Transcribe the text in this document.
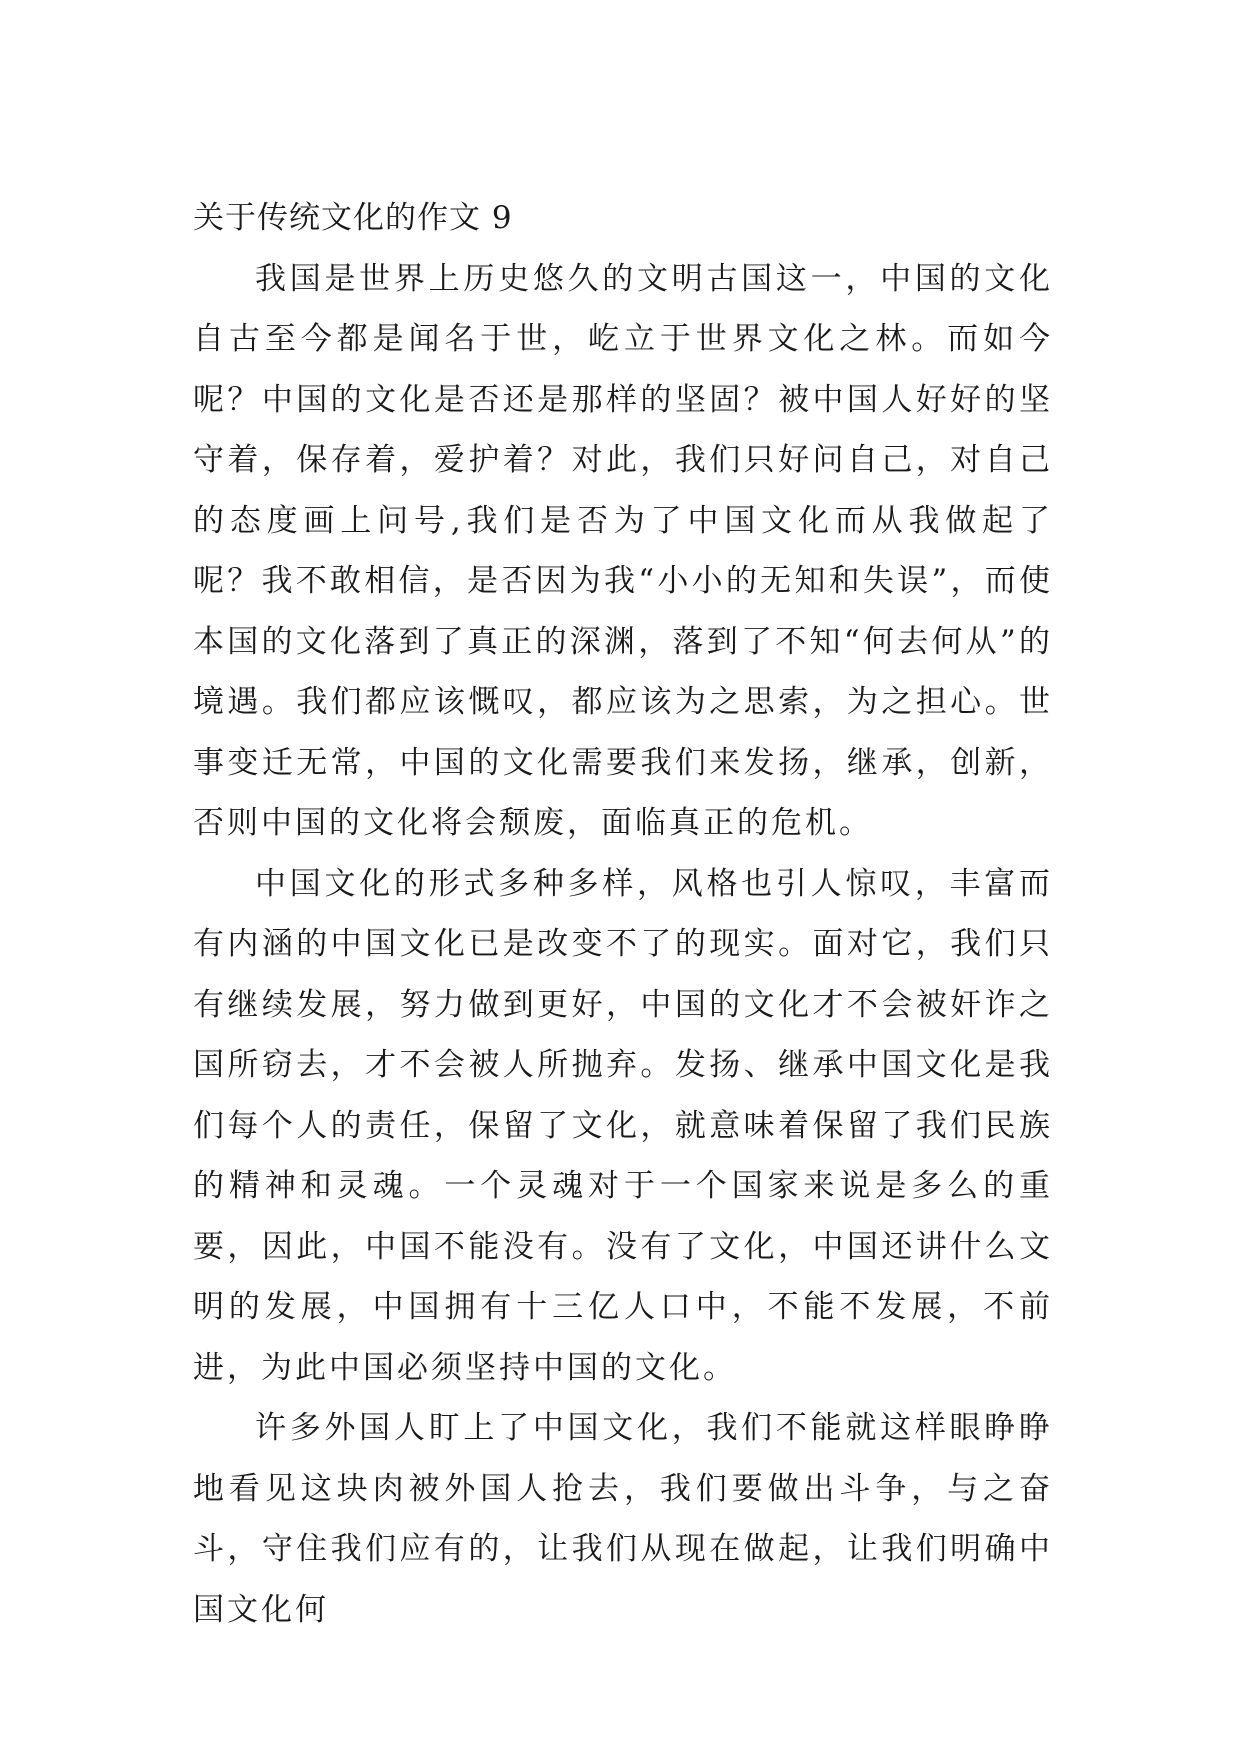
关于传统文化的作文 9

我国是世界上历史悠久的文明古国这一，中国的文化自古至今都是闻名于世，屹立于世界文化之林。而如今呢？中国的文化是否还是那样的坚固？被中国人好好的坚守着，保存着，爱护着？对此，我们只好问自己，对自己的态度画上问号,我们是否为了中国文化而从我做起了呢？我不敢相信，是否因为我“小小的无知和失误”，而使本国的文化落到了真正的深渊，落到了不知“何去何从”的境遇。我们都应该慨叹，都应该为之思索，为之担心。世事变迁无常，中国的文化需要我们来发扬，继承，创新，否则中国的文化将会颓废，面临真正的危机。

中国文化的形式多种多样，风格也引人惊叹，丰富而有内涵的中国文化已是改变不了的现实。面对它，我们只有继续发展，努力做到更好，中国的文化才不会被奸诈之国所窃去，才不会被人所抛弃。发扬、继承中国文化是我们每个人的责任，保留了文化，就意味着保留了我们民族的精神和灵魂。一个灵魂对于一个国家来说是多么的重要，因此，中国不能没有。没有了文化，中国还讲什么文明的发展，中国拥有十三亿人口中，不能不发展，不前进，为此中国必须坚持中国的文化。

许多外国人盯上了中国文化，我们不能就这样眼睁睁地看见这块肉被外国人抢去，我们要做出斗争，与之奋斗，守住我们应有的，让我们从现在做起，让我们明确中国文化何
